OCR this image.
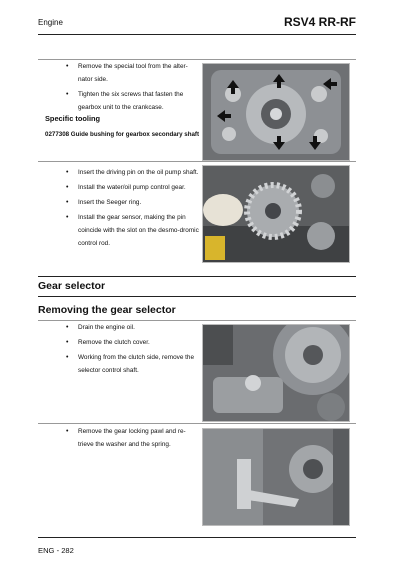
Engine	RSV4 RR-RF
• Remove the special tool from the alter-nator side.
• Tighten the six screws that fasten the gearbox unit to the crankcase.
Specific tooling
0277308 Guide bushing for gearbox secondary shaft
• Insert the driving pin on the oil pump shaft.
• Install the water/oil pump control gear.
• Insert the Seeger ring.
• Install the gear sensor, making the pin coincide with the slot on the desmo-dromic control rod.
Gear selector
Removing the gear selector
• Drain the engine oil.
• Remove the clutch cover.
• Working from the clutch side, remove the selector control shaft.
• Remove the gear locking pawl and re-trieve the washer and the spring.
ENG - 282
